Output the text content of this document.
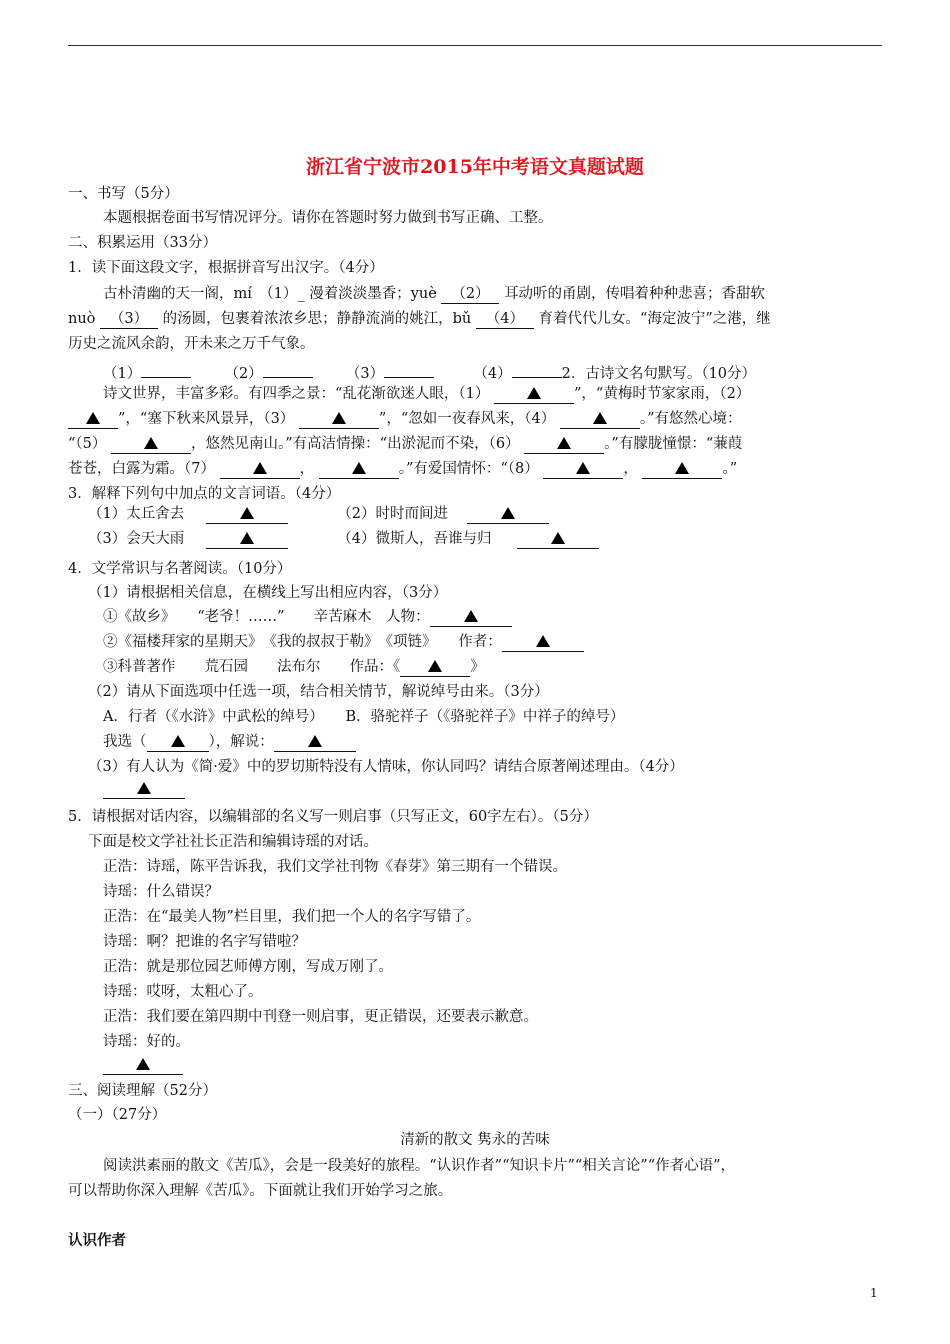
浙江省宁波市2015年中考语文真题试题
一、书写（5分）
本题根据卷面书写情况评分。请你在答题时努力做到书写正确、工整。
二、积累运用（33分）
1．读下面这段文字，根据拼音写出汉字。（4分）
古朴清幽的天一阁，mí　（1）_ 漫着淡淡墨香；yuè （2） 耳动听的甬剧，传唱着种种悲喜；香甜软
nuò （3） 的汤圆，包裹着浓浓乡思；静静流淌的姚江，bǔ （4） 育着代代儿女。“海定波宁”之港，继
历史之流风余韵，开未来之万千气象。
（1）	（2）	（3）	（4）	2．古诗文名句默写。（10分）
诗文世界，丰富多彩。有四季之景：“乱花渐欲迷人眼，（1）	”，“黄梅时节家家雨，（2）
”，“塞下秋来风景异，（3）	”，“忽如一夜春风来，（4）	。”有悠然心境：
“（5）	，悠然见南山。”有高洁情操：“出淤泥而不染，（6）	。”有朦胧憧憬：“蒹葭
苍苍，白露为霜。（7）	，	。”有爱国情怀：“（8）	，	。”
3．解释下列句中加点的文言词语。（4分）
（1）太丘舍去	（2）时时而间进
（3）会天大雨	（4）微斯人，吾谁与归
4．文学常识与名著阅读。（10分）
（1）请根据相关信息，在横线上写出相应内容，（3分）
①《故乡》　　“老爷！……”　　辛苦麻木　人物：
②《福楼拜家的星期天》　《我的叔叔于勒》　《项链》　　作者：
③科普著作　　荒石园　　法布尔　　作品：《	》
（2）请从下面选项中任选一项，结合相关情节，解说绰号由来。（3分）
A．行者（《水浒》中武松的绰号）　　B．骆驼祥子（《骆驼祥子》中祥子的绰号）
我选（	），解说：
（3）有人认为《简·爱》中的罗切斯特没有人情味，你认同吗？请结合原著阐述理由。（4分）
5．请根据对话内容，以编辑部的名义写一则启事（只写正文，60字左右）。（5分）
下面是校文学社社长正浩和编辑诗瑶的对话。
正浩：诗瑶，陈平告诉我，我们文学社刊物《春芽》第三期有一个错误。
诗瑶：什么错误？
正浩：在“最美人物”栏目里，我们把一个人的名字写错了。
诗瑶：啊？把谁的名字写错啦？
正浩：就是那位园艺师傅方刚，写成万刚了。
诗瑶：哎呀，太粗心了。
正浩：我们要在第四期中刊登一则启事，更正错误，还要表示歉意。
诗瑶：好的。
三、阅读理解（52分）
（一）（27分）
清新的散文 隽永的苦味
阅读洪素丽的散文《苦瓜》，会是一段美好的旅程。“认识作者”“知识卡片”“相关言论”“作者心语”，
可以帮助你深入理解《苦瓜》。下面就让我们开始学习之旅。
认识作者
1
